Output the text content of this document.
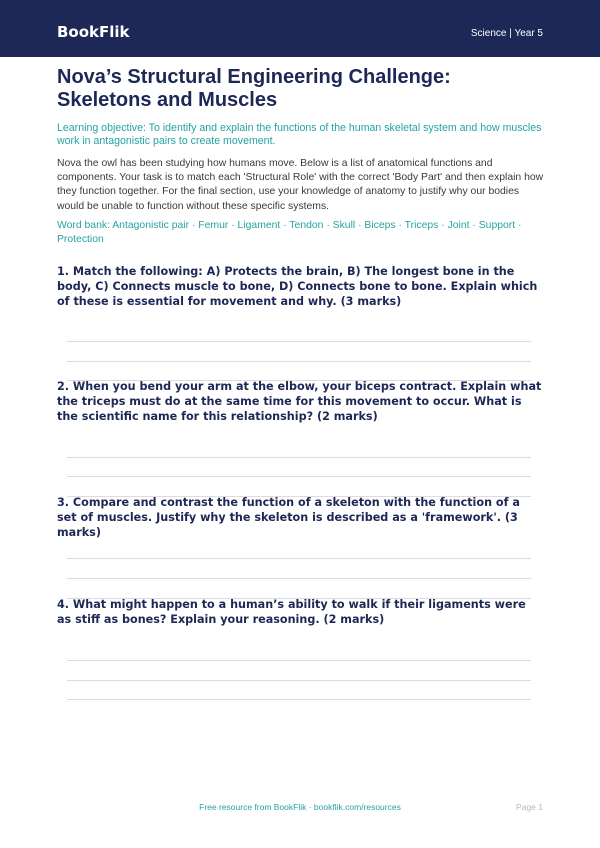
BookFlik	Science | Year 5
Nova’s Structural Engineering Challenge: Skeletons and Muscles

Learning objective: To identify and explain the functions of the human skeletal system and how muscles work in antagonistic pairs to create movement.

Nova the owl has been studying how humans move. Below is a list of anatomical functions and components. Your task is to match each 'Structural Role' with the correct 'Body Part' and then explain how they function together. For the final section, use your knowledge of anatomy to justify why our bodies would be unable to function without these specific systems.

Word bank: Antagonistic pair · Femur · Ligament · Tendon · Skull · Biceps · Triceps · Joint · Support · Protection

1. Match the following: A) Protects the brain, B) The longest bone in the body, C) Connects muscle to bone, D) Connects bone to bone. Explain which of these is essential for movement and why. (3 marks)

2. When you bend your arm at the elbow, your biceps contract. Explain what the triceps must do at the same time for this movement to occur. What is the scientific name for this relationship? (2 marks)

3. Compare and contrast the function of a skeleton with the function of a set of muscles. Justify why the skeleton is described as a 'framework'. (3 marks)

4. What might happen to a human’s ability to walk if their ligaments were as stiff as bones? Explain your reasoning. (2 marks)

Free resource from BookFlik · bookflik.com/resources	Page 1
